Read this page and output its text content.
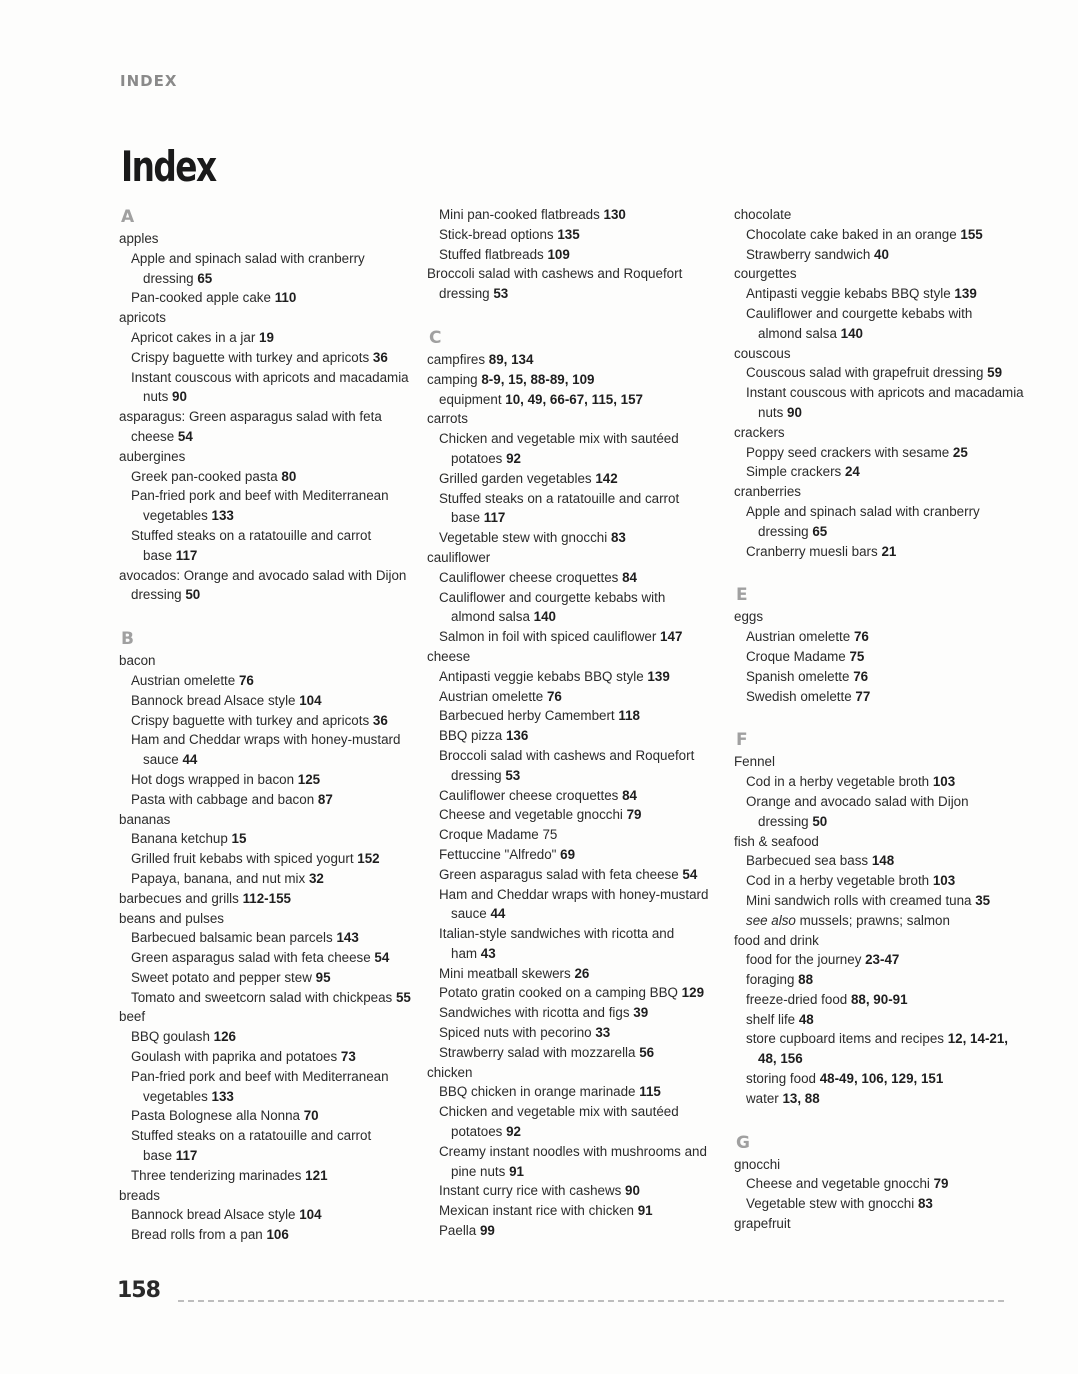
INDEX
Index
A
apples
Apple and spinach salad with cranberry
dressing 65
Pan-cooked apple cake 110
apricots
Apricot cakes in a jar 19
Crispy baguette with turkey and apricots 36
Instant couscous with apricots and macadamia
nuts 90
asparagus: Green asparagus salad with feta
cheese 54
aubergines
Greek pan-cooked pasta 80
Pan-fried pork and beef with Mediterranean
vegetables 133
Stuffed steaks on a ratatouille and carrot
base 117
avocados: Orange and avocado salad with Dijon
dressing 50
B
bacon
Austrian omelette 76
Bannock bread Alsace style 104
Crispy baguette with turkey and apricots 36
Ham and Cheddar wraps with honey-mustard
sauce 44
Hot dogs wrapped in bacon 125
Pasta with cabbage and bacon 87
bananas
Banana ketchup 15
Grilled fruit kebabs with spiced yogurt 152
Papaya, banana, and nut mix 32
barbecues and grills 112-155
beans and pulses
Barbecued balsamic bean parcels 143
Green asparagus salad with feta cheese 54
Sweet potato and pepper stew 95
Tomato and sweetcorn salad with chickpeas 55
beef
BBQ goulash 126
Goulash with paprika and potatoes 73
Pan-fried pork and beef with Mediterranean
vegetables 133
Pasta Bolognese alla Nonna 70
Stuffed steaks on a ratatouille and carrot
base 117
Three tenderizing marinades 121
breads
Bannock bread Alsace style 104
Bread rolls from a pan 106
Mini pan-cooked flatbreads 130
Stick-bread options 135
Stuffed flatbreads 109
Broccoli salad with cashews and Roquefort
dressing 53
C
campfires 89, 134
camping 8-9, 15, 88-89, 109
equipment 10, 49, 66-67, 115, 157
carrots
Chicken and vegetable mix with sautéed
potatoes 92
Grilled garden vegetables 142
Stuffed steaks on a ratatouille and carrot
base 117
Vegetable stew with gnocchi 83
cauliflower
Cauliflower cheese croquettes 84
Cauliflower and courgette kebabs with
almond salsa 140
Salmon in foil with spiced cauliflower 147
cheese
Antipasti veggie kebabs BBQ style 139
Austrian omelette 76
Barbecued herby Camembert 118
BBQ pizza 136
Broccoli salad with cashews and Roquefort
dressing 53
Cauliflower cheese croquettes 84
Cheese and vegetable gnocchi 79
Croque Madame 75
Fettuccine "Alfredo" 69
Green asparagus salad with feta cheese 54
Ham and Cheddar wraps with honey-mustard
sauce 44
Italian-style sandwiches with ricotta and
ham 43
Mini meatball skewers 26
Potato gratin cooked on a camping BBQ 129
Sandwiches with ricotta and figs 39
Spiced nuts with pecorino 33
Strawberry salad with mozzarella 56
chicken
BBQ chicken in orange marinade 115
Chicken and vegetable mix with sautéed
potatoes 92
Creamy instant noodles with mushrooms and
pine nuts 91
Instant curry rice with cashews 90
Mexican instant rice with chicken 91
Paella 99
chocolate
Chocolate cake baked in an orange 155
Strawberry sandwich 40
courgettes
Antipasti veggie kebabs BBQ style 139
Cauliflower and courgette kebabs with
almond salsa 140
couscous
Couscous salad with grapefruit dressing 59
Instant couscous with apricots and macadamia
nuts 90
crackers
Poppy seed crackers with sesame 25
Simple crackers 24
cranberries
Apple and spinach salad with cranberry
dressing 65
Cranberry muesli bars 21
E
eggs
Austrian omelette 76
Croque Madame 75
Spanish omelette 76
Swedish omelette 77
F
Fennel
Cod in a herby vegetable broth 103
Orange and avocado salad with Dijon
dressing 50
fish & seafood
Barbecued sea bass 148
Cod in a herby vegetable broth 103
Mini sandwich rolls with creamed tuna 35
see also mussels; prawns; salmon
food and drink
food for the journey 23-47
foraging 88
freeze-dried food 88, 90-91
shelf life 48
store cupboard items and recipes 12, 14-21,
48, 156
storing food 48-49, 106, 129, 151
water 13, 88
G
gnocchi
Cheese and vegetable gnocchi 79
Vegetable stew with gnocchi 83
grapefruit
158
